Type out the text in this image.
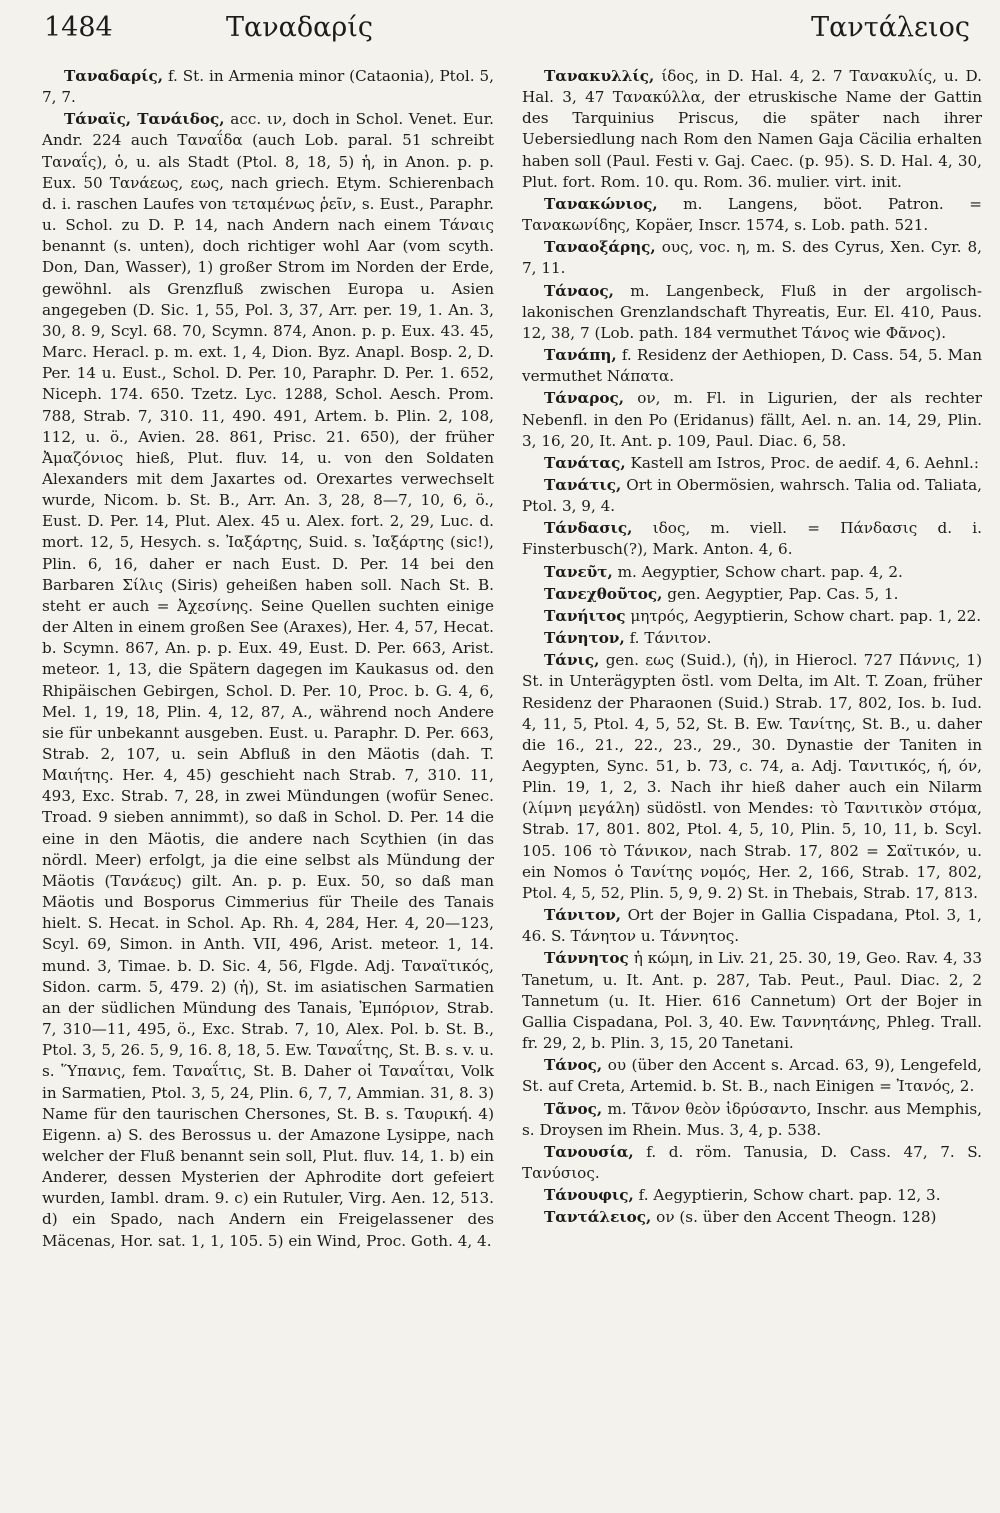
1484	Ταναδαρίς	Ταντάλειος

Ταναδαρίς, f. St. in Armenia minor (Cataonia), Ptol. 5, 7, 7.

Τάναϊς, Τανάιδος, acc. ιν, doch in Schol. Venet. Eur. Andr. 224 auch Ταναΐδα (auch Lob. paral. 51 schreibt Ταναΐς), ὁ, u. als Stadt (Ptol. 8, 18, 5) ἡ, in Anon. p. p. Eux. 50 Τανάεως, εως, nach griech. Etym. Schierenbach d. i. raschen Laufes von τεταμένως ῥεῖν, s. Eust., Paraphr. u. Schol. zu D. P. 14, nach Andern nach einem Τάναις benannt (s. unten), doch richtiger wohl Aar (vom scyth. Don, Dan, Wasser), 1) großer Strom im Norden der Erde, gewöhnl. als Grenzfluß zwischen Europa u. Asien angegeben (D. Sic. 1, 55, Pol. 3, 37, Arr. per. 19, 1. An. 3, 30, 8. 9, Scyl. 68. 70, Scymn. 874, Anon. p. p. Eux. 43. 45, Marc. Heracl. p. m. ext. 1, 4, Dion. Byz. Anapl. Bosp. 2, D. Per. 14 u. Eust., Schol. D. Per. 10, Paraphr. D. Per. 1. 652, Niceph. 174. 650. Tzetz. Lyc. 1288, Schol. Aesch. Prom. 788, Strab. 7, 310. 11, 490. 491, Artem. b. Plin. 2, 108, 112, u. ö., Avien. 28. 861, Prisc. 21. 650), der früher Ἀμαζόνιος hieß, Plut. fluv. 14, u. von den Soldaten Alexanders mit dem Jaxartes od. Orexartes verwechselt wurde, Nicom. b. St. B., Arr. An. 3, 28, 8—7, 10, 6, ö., Eust. D. Per. 14, Plut. Alex. 45 u. Alex. fort. 2, 29, Luc. d. mort. 12, 5, Hesych. s. Ἰαξάρτης, Suid. s. Ἰαξάρτης (sic!), Plin. 6, 16, daher er nach Eust. D. Per. 14 bei den Barbaren Σίλις (Siris) geheißen haben soll. Nach St. B. steht er auch = Ἀχεσίνης. Seine Quellen suchten einige der Alten in einem großen See (Araxes), Her. 4, 57, Hecat. b. Scymn. 867, An. p. p. Eux. 49, Eust. D. Per. 663, Arist. meteor. 1, 13, die Spätern dagegen im Kaukasus od. den Rhipäischen Gebirgen, Schol. D. Per. 10, Proc. b. G. 4, 6, Mel. 1, 19, 18, Plin. 4, 12, 87, A., während noch Andere sie für unbekannt ausgeben. Eust. u. Paraphr. D. Per. 663, Strab. 2, 107, u. sein Abfluß in den Mäotis (dah. T. Μαιήτης. Her. 4, 45) geschieht nach Strab. 7, 310. 11, 493, Exc. Strab. 7, 28, in zwei Mündungen (wofür Senec. Troad. 9 sieben annimmt), so daß in Schol. D. Per. 14 die eine in den Mäotis, die andere nach Scythien (in das nördl. Meer) erfolgt, ja die eine selbst als Mündung der Mäotis (Τανάευς) gilt. An. p. p. Eux. 50, so daß man Mäotis und Bosporus Cimmerius für Theile des Tanais hielt. S. Hecat. in Schol. Ap. Rh. 4, 284, Her. 4, 20—123, Scyl. 69, Simon. in Anth. VII, 496, Arist. meteor. 1, 14. mund. 3, Timae. b. D. Sic. 4, 56, Flgde. Adj. Ταναϊτικός, Sidon. carm. 5, 479. 2) (ἡ), St. im asiatischen Sarmatien an der südlichen Mündung des Tanais, Ἐμπόριον, Strab. 7, 310—11, 495, ö., Exc. Strab. 7, 10, Alex. Pol. b. St. B., Ptol. 3, 5, 26. 5, 9, 16. 8, 18, 5. Ew. Ταναΐτης, St. B. s. v. u. s. Ὕπανις, fem. Ταναΐτις, St. B. Daher οἱ Ταναΐται, Volk in Sarmatien, Ptol. 3, 5, 24, Plin. 6, 7, 7, Ammian. 31, 8. 3) Name für den taurischen Chersones, St. B. s. Ταυρική. 4) Eigenn. a) S. des Berossus u. der Amazone Lysippe, nach welcher der Fluß benannt sein soll, Plut. fluv. 14, 1. b) ein Anderer, dessen Mysterien der Aphrodite dort gefeiert wurden, Iambl. dram. 9. c) ein Rutuler, Virg. Aen. 12, 513. d) ein Spado, nach Andern ein Freigelassener des Mäcenas, Hor. sat. 1, 1, 105. 5) ein Wind, Proc. Goth. 4, 4.

Τανακυλλίς, ίδος, in D. Hal. 4, 2. 7 Τανακυλίς, u. D. Hal. 3, 47 Τανακύλλα, der etruskische Name der Gattin des Tarquinius Priscus, die später nach ihrer Uebersiedlung nach Rom den Namen Gaja Cäcilia erhalten haben soll (Paul. Festi v. Gaj. Caec. (p. 95). S. D. Hal. 4, 30, Plut. fort. Rom. 10. qu. Rom. 36. mulier. virt. init.

Τανακώνιος, m. Langens, böot. Patron. = Τανακωνίδης, Kopäer, Inscr. 1574, s. Lob. path. 521.

Ταναοξάρης, ους, voc. η, m. S. des Cyrus, Xen. Cyr. 8, 7, 11.

Τάναος, m. Langenbeck, Fluß in der argolisch-lakonischen Grenzlandschaft Thyreatis, Eur. El. 410, Paus. 12, 38, 7 (Lob. path. 184 vermuthet Τάνος wie Φᾶνος).

Τανάπη, f. Residenz der Aethiopen, D. Cass. 54, 5. Man vermuthet Νάπατα.

Τάναρος, ον, m. Fl. in Ligurien, der als rechter Nebenfl. in den Po (Eridanus) fällt, Ael. n. an. 14, 29, Plin. 3, 16, 20, It. Ant. p. 109, Paul. Diac. 6, 58.

Τανάτας, Kastell am Istros, Proc. de aedif. 4, 6. Aehnl.:

Τανάτις, Ort in Obermösien, wahrsch. Talia od. Taliata, Ptol. 3, 9, 4.

Τάνδασις, ιδος, m. viell. = Πάνδασις d. i. Finsterbusch(?), Mark. Anton. 4, 6.

Τανεῦτ, m. Aegyptier, Schow chart. pap. 4, 2.

Τανεχθοῦτος, gen. Aegyptier, Pap. Cas. 5, 1.

Τανήιτος μητρός, Aegyptierin, Schow chart. pap. 1, 22.

Τάνητον, f. Τάνιτον.

Τάνις, gen. εως (Suid.), (ἡ), in Hierocl. 727 Πάννις, 1) St. in Unterägypten östl. vom Delta, im Alt. T. Zoan, früher Residenz der Pharaonen (Suid.) Strab. 17, 802, Ios. b. Iud. 4, 11, 5, Ptol. 4, 5, 52, St. B. Ew. Τανίτης, St. B., u. daher die 16., 21., 22., 23., 29., 30. Dynastie der Taniten in Aegypten, Sync. 51, b. 73, c. 74, a. Adj. Τανιτικός, ή, όν, Plin. 19, 1, 2, 3. Nach ihr hieß daher auch ein Nilarm (λίμνη μεγάλη) südöstl. von Mendes: τὸ Τανιτικὸν στόμα, Strab. 17, 801. 802, Ptol. 4, 5, 10, Plin. 5, 10, 11, b. Scyl. 105. 106 τὸ Τάνικον, nach Strab. 17, 802 = Σαϊτικόν, u. ein Nomos ὁ Τανίτης νομός, Her. 2, 166, Strab. 17, 802, Ptol. 4, 5, 52, Plin. 5, 9, 9. 2) St. in Thebais, Strab. 17, 813.

Τάνιτον, Ort der Bojer in Gallia Cispadana, Ptol. 3, 1, 46. S. Τάνητον u. Τάννητος.

Τάννητος ἡ κώμη, in Liv. 21, 25. 30, 19, Geo. Rav. 4, 33 Tanetum, u. It. Ant. p. 287, Tab. Peut., Paul. Diac. 2, 2 Tannetum (u. It. Hier. 616 Cannetum) Ort der Bojer in Gallia Cispadana, Pol. 3, 40. Ew. Ταννητάνης, Phleg. Trall. fr. 29, 2, b. Plin. 3, 15, 20 Tanetani.

Τάνος, ου (über den Accent s. Arcad. 63, 9), Lengefeld, St. auf Creta, Artemid. b. St. B., nach Einigen = Ἰτανός, 2.

Τᾶνος, m. Τᾶνον θεὸν ἱδρύσαντο, Inschr. aus Memphis, s. Droysen im Rhein. Mus. 3, 4, p. 538.

Τανουσία, f. d. röm. Tanusia, D. Cass. 47, 7. S. Τανύσιος.

Τάνουφις, f. Aegyptierin, Schow chart. pap. 12, 3.

Ταντάλειος, ον (s. über den Accent Theogn. 128)
